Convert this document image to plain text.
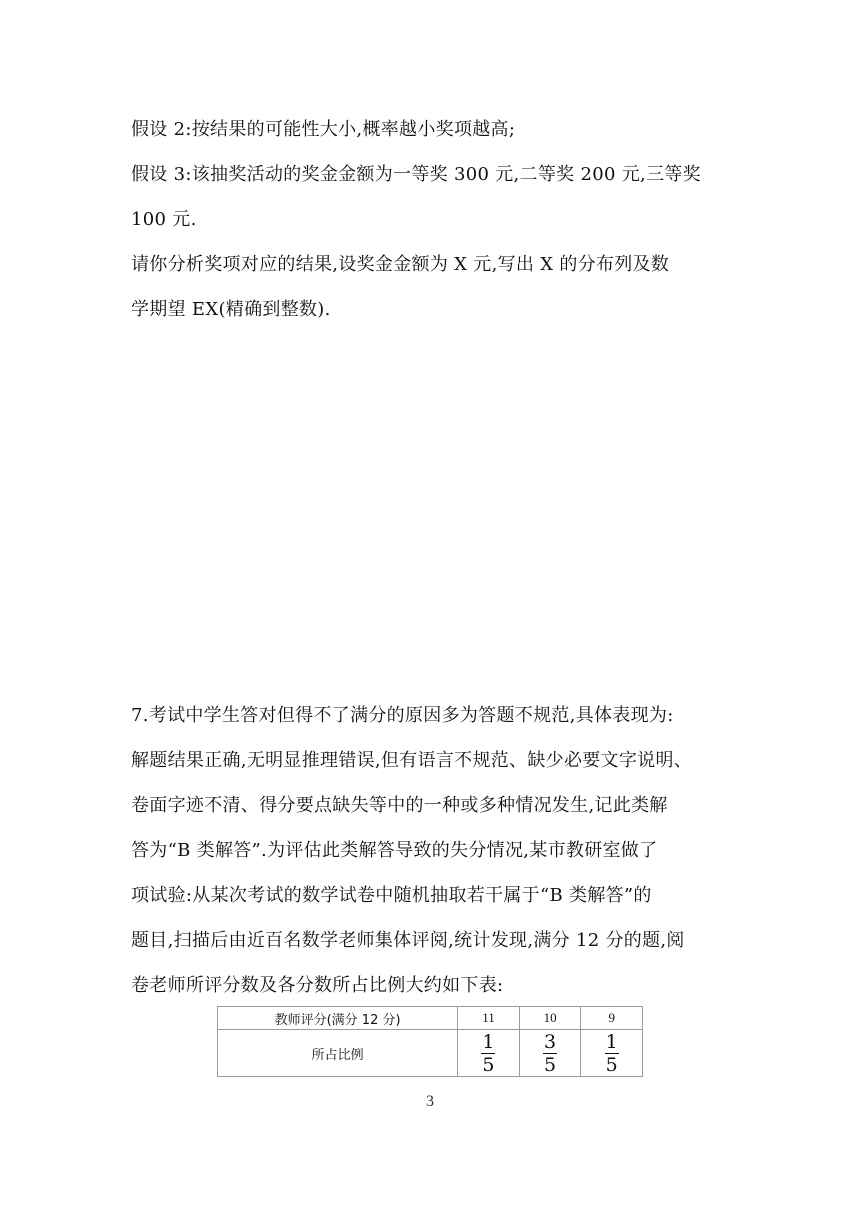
假设 2:按结果的可能性大小,概率越小奖项越高;
假设 3:该抽奖活动的奖金金额为一等奖 300 元,二等奖 200 元,三等奖
100 元.
请你分析奖项对应的结果,设奖金金额为 X 元,写出 X 的分布列及数
学期望 EX(精确到整数).
7.考试中学生答对但得不了满分的原因多为答题不规范,具体表现为:
解题结果正确,无明显推理错误,但有语言不规范、缺少必要文字说明、
卷面字迹不清、得分要点缺失等中的一种或多种情况发生,记此类解
答为“B 类解答”.为评估此类解答导致的失分情况,某市教研室做了
项试验:从某次考试的数学试卷中随机抽取若干属于“B 类解答”的
题目,扫描后由近百名数学老师集体评阅,统计发现,满分 12 分的题,阅
卷老师所评分数及各分数所占比例大约如下表:
教师评分(满分 12 分)	11	10	9
所占比例	$\frac{1}{5}$	$\frac{3}{5}$	$\frac{1}{5}$
3
